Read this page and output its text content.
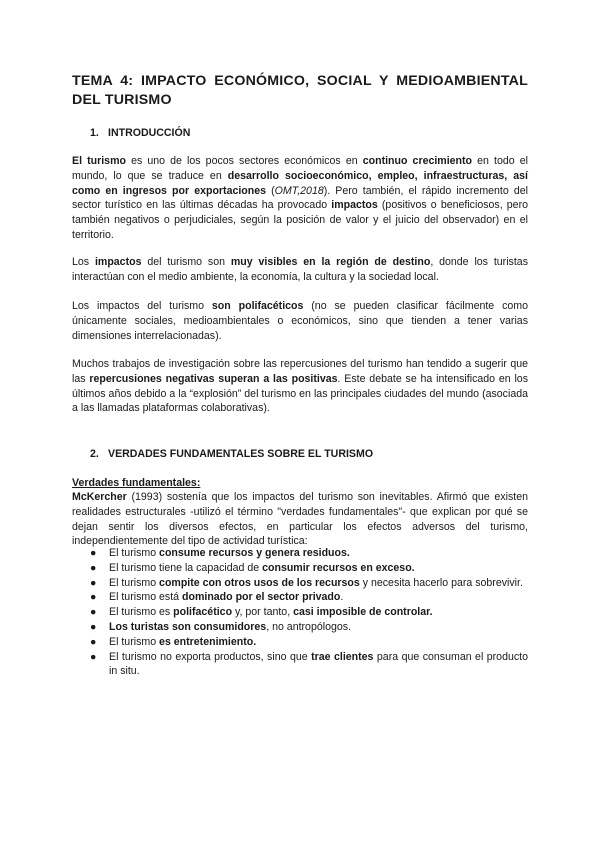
TEMA 4: IMPACTO ECONÓMICO, SOCIAL Y MEDIOAMBIENTAL DEL TURISMO
1. INTRODUCCIÓN

El turismo es uno de los pocos sectores económicos en continuo crecimiento en todo el mundo, lo que se traduce en desarrollo socioeconómico, empleo, infraestructuras, así como en ingresos por exportaciones (OMT,2018). Pero también, el rápido incremento del sector turístico en las últimas décadas ha provocado impactos (positivos o beneficiosos, pero también negativos o perjudiciales, según la posición de valor y el juicio del observador) en el territorio.

Los impactos del turismo son muy visibles en la región de destino, donde los turistas interactúan con el medio ambiente, la economía, la cultura y la sociedad local.

Los impactos del turismo son polifacéticos (no se pueden clasificar fácilmente como únicamente sociales, medioambientales o económicos, sino que tienden a tener varias dimensiones interrelacionadas).

Muchos trabajos de investigación sobre las repercusiones del turismo han tendido a sugerir que las repercusiones negativas superan a las positivas. Este debate se ha intensificado en los últimos años debido a la “explosión” del turismo en las principales ciudades del mundo (asociada a las llamadas plataformas colaborativas).

2. VERDADES FUNDAMENTALES SOBRE EL TURISMO

Verdades fundamentales:

McKercher (1993) sostenía que los impactos del turismo son inevitables. Afirmó que existen realidades estructurales -utilizó el término "verdades fundamentales"- que explican por qué se dejan sentir los diversos efectos, en particular los efectos adversos del turismo, independientemente del tipo de actividad turística:

● El turismo consume recursos y genera residuos.
● El turismo tiene la capacidad de consumir recursos en exceso.
● El turismo compite con otros usos de los recursos y necesita hacerlo para sobrevivir.
● El turismo está dominado por el sector privado.
● El turismo es polifacético y, por tanto, casi imposible de controlar.
● Los turistas son consumidores, no antropólogos.
● El turismo es entretenimiento.
● El turismo no exporta productos, sino que trae clientes para que consuman el producto in situ.
